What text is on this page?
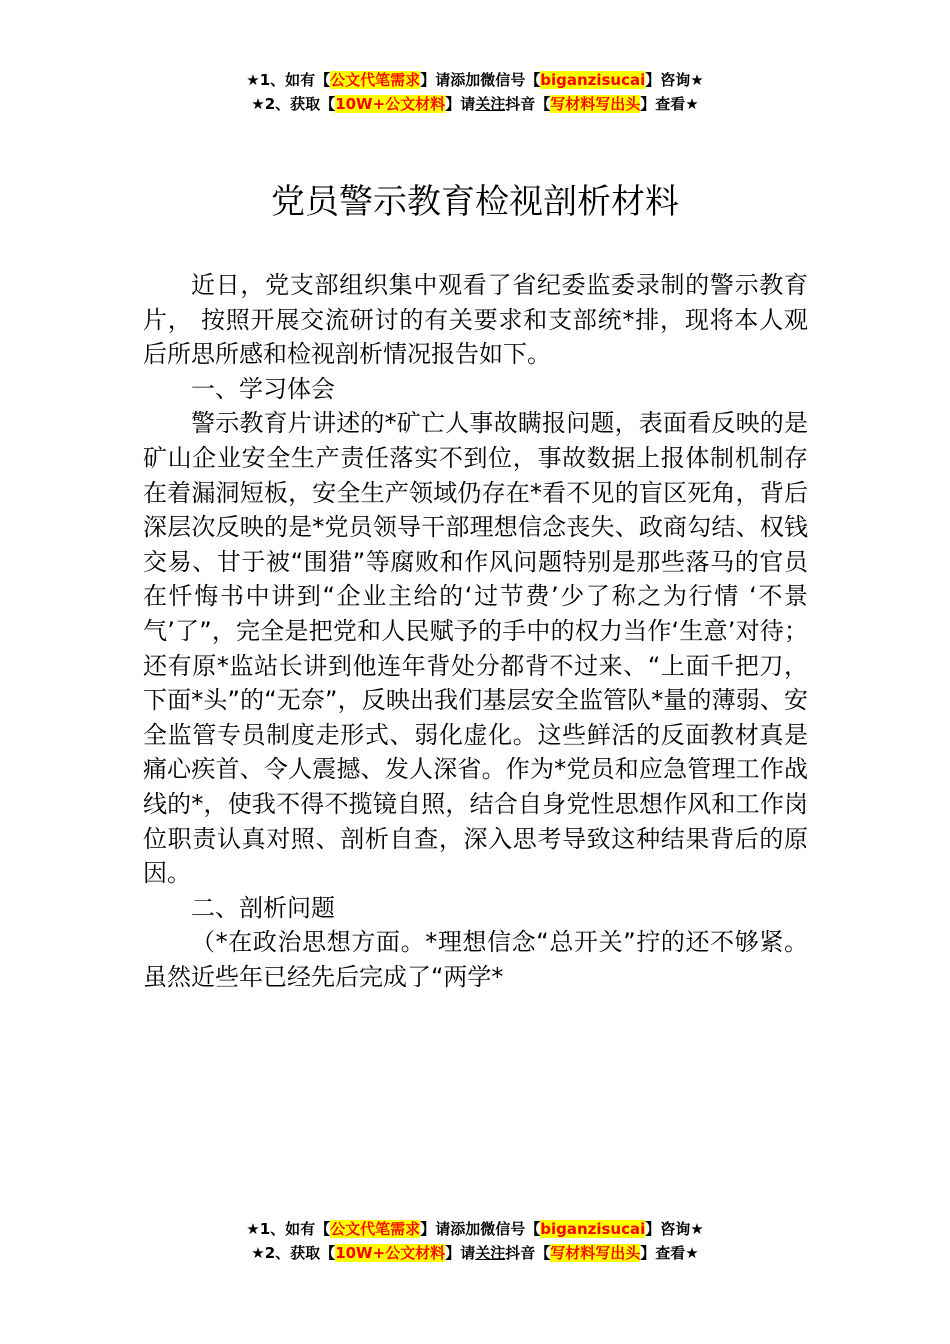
★1、如有【公文代笔需求】请添加微信号【biganzisucai】咨询★
★2、获取【10W+公文材料】请关注抖音【写材料写出头】查看★
党员警示教育检视剖析材料

近日，党支部组织集中观看了省纪委监委录制的警示教育片， 按照开展交流研讨的有关要求和支部统*排，现将本人观后所思所感和检视剖析情况报告如下。

一、学习体会

警示教育片讲述的*矿亡人事故瞒报问题，表面看反映的是矿山企业安全生产责任落实不到位，事故数据上报体制机制存在着漏洞短板，安全生产领域仍存在*看不见的盲区死角，背后深层次反映的是*党员领导干部理想信念丧失、政商勾结、权钱交易、甘于被“围猎”等腐败和作风问题特别是那些落马的官员在忏悔书中讲到“企业主给的‘过节费’少了称之为行情 ‘不景气’了”，完全是把党和人民赋予的手中的权力当作‘生意’对待；还有原*监站长讲到他连年背处分都背不过来、“上面千把刀，下面*头”的“无奈”，反映出我们基层安全监管队*量的薄弱、安全监管专员制度走形式、弱化虚化。这些鲜活的反面教材真是痛心疾首、令人震撼、发人深省。作为*党员和应急管理工作战线的*，使我不得不揽镜自照，结合自身党性思想作风和工作岗位职责认真对照、剖析自查，深入思考导致这种结果背后的原因。

二、剖析问题

（*在政治思想方面。*理想信念“总开关”拧的还不够紧。虽然近些年已经先后完成了“两学*

★1、如有【公文代笔需求】请添加微信号【biganzisucai】咨询★
★2、获取【10W+公文材料】请关注抖音【写材料写出头】查看★
